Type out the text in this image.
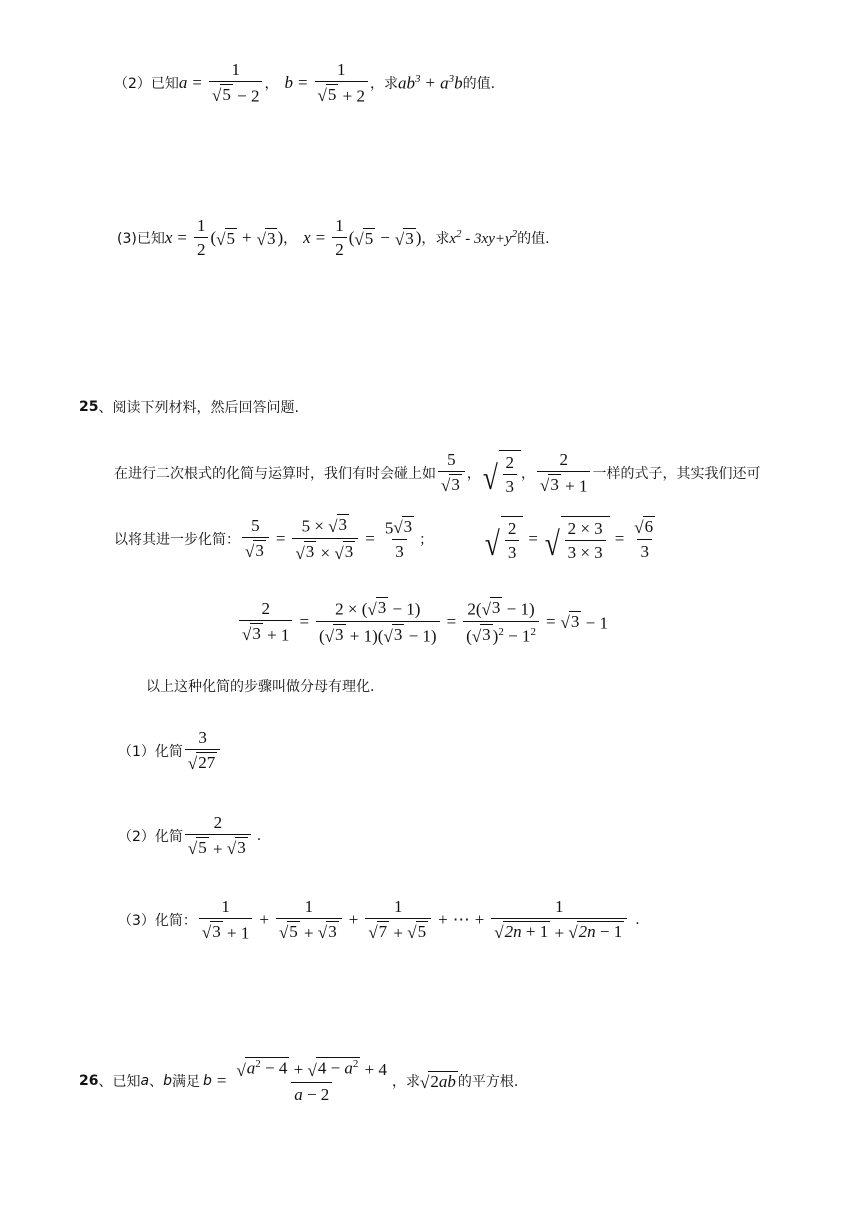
（2）已知 $a = \frac{1}{√ 5 - 2}$ ， $b = \frac{1}{√ 5 + 2}$ ，求 $ab^3 + a^3b$ 的值.
(3)已知 $x = \frac{1}{2}$ ( √ 5 + √ 3 ) ， $x = \frac{1}{2}$ ( √ 5 − √ 3 ) ，求 $x^2 - 3xy+y^2$ 的值.
25 、阅读下列材料，然后回答问题.
在进行二次根式的化简与运算时，我们有时会碰上如 $\frac{5}{√ 3}$ ， √ $\frac{2}{3}$ ， $\frac{2}{√ 3 + 1}$ 一样的式子，其实我们还可
以将其进一步化简： $\frac{5}{√ 3} = \frac{5 \times √ 3}{√ 3 \times √ 3} = \frac{5 √ 3}{3}$ ； √ $\frac{2}{3}$ = √ $\frac{2 \times 3}{3 \times 3} = \frac{√ 6}{3}$
$\frac{2}{√ 3 + 1} = \frac{2 \times ( √ 3 - 1)}{( √ 3 + 1)( √ 3 - 1)} = \frac{2( √ 3 - 1)}{( √ 3 )^2 - 1^2}$ = √ 3 − 1
以上这种化简的步骤叫做分母有理化.
（1）化简 $\frac{3}{√ 27}$
（2）化简 $\frac{2}{√ 5 + √ 3}$ .
（3）化简： $\frac{1}{√ 3 + 1} + \frac{1}{√ 5 + √ 3} + \frac{1}{√ 7 + √ 5}$ + ⋯ + $\frac{1}{√ 2n + 1 + √ 2n - 1}$ .
26 、已知 a 、 b 满足 $b = \frac{√ a^2 - 4 + √ 4 - a^2 + 4}{a - 2}$ ，求 √ 2ab 的平方根.
